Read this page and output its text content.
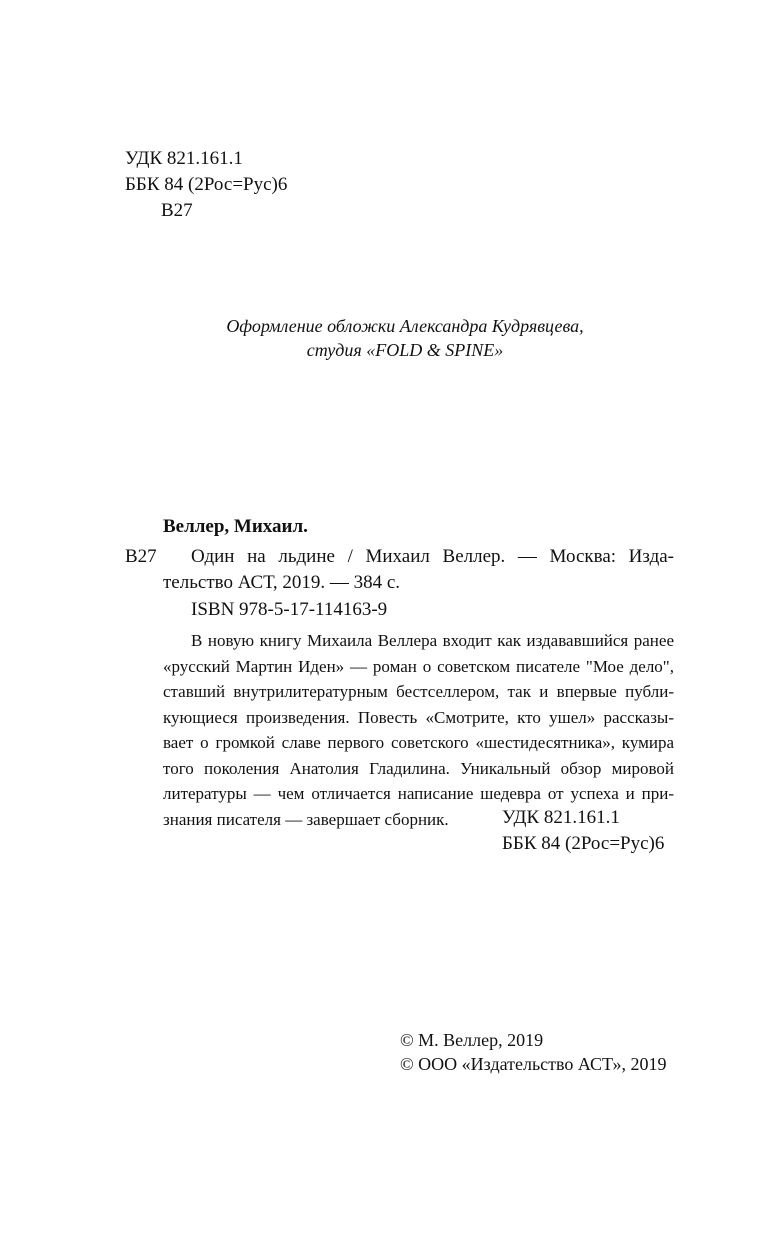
УДК 821.161.1
ББК 84 (2Рос=Рус)6
В27
Оформление обложки Александра Кудрявцева,
студия «FOLD & SPINE»
Веллер, Михаил.
В27	Один на льдине / Михаил Веллер. — Москва: Изда-
тельство АСТ, 2019. — 384 с.
ISBN 978-5-17-114163-9
В новую книгу Михаила Веллера входит как издававшийся ранее
«русский Мартин Иден» — роман о советском писателе "Мое дело",
ставший внутрилитературным бестселлером, так и впервые публи-
кующиеся произведения. Повесть «Смотрите, кто ушел» рассказы-
вает о громкой славе первого советского «шестидесятника», кумира
того поколения Анатолия Гладилина. Уникальный обзор мировой
литературы — чем отличается написание шедевра от успеха и при-
знания писателя — завершает сборник.	УДК 821.161.1
ББК 84 (2Рос=Рус)6
© М. Веллер, 2019
© ООО «Издательство АСТ», 2019
